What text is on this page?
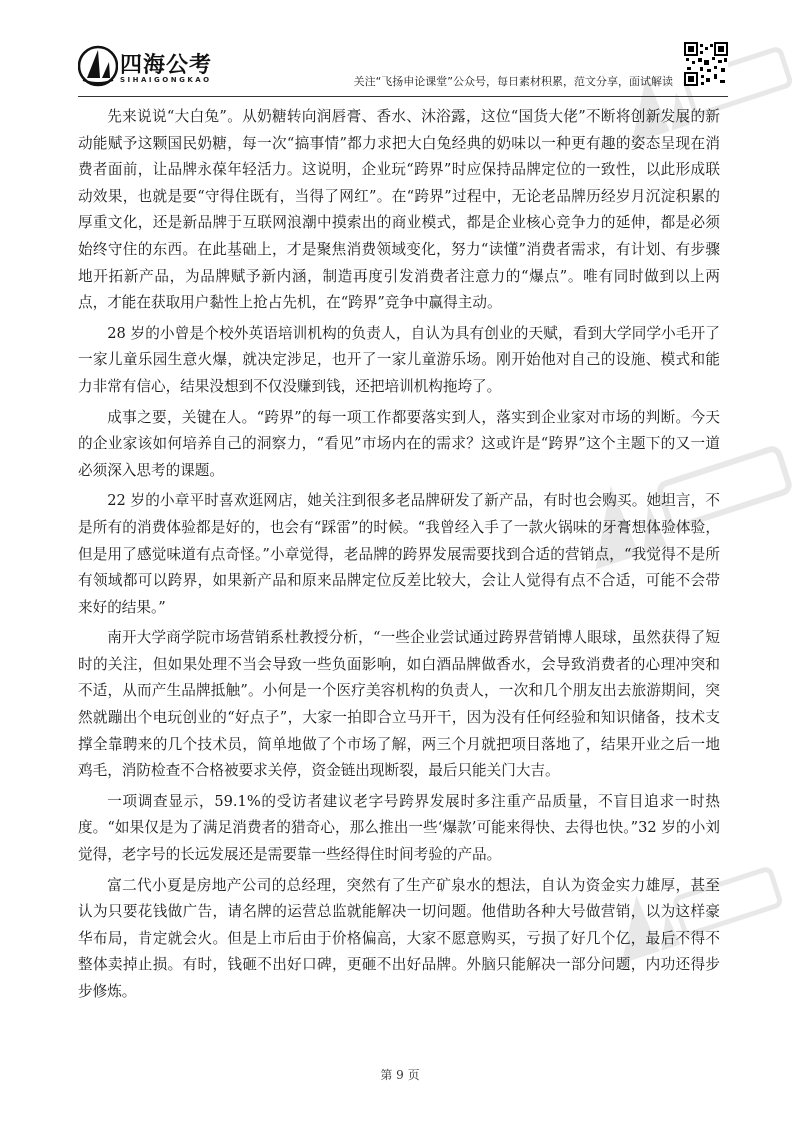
四海公考
SIHAIGONGKAO	关注“飞扬申论课堂”公众号，每日素材积累，范文分享，面试解读

先来说说“大白兔”。从奶糖转向润唇膏、香水、沐浴露，这位“国货大佬”不断将创新发展的新动能赋予这颗国民奶糖，每一次“搞事情”都力求把大白兔经典的奶味以一种更有趣的姿态呈现在消费者面前，让品牌永葆年轻活力。这说明，企业玩“跨界”时应保持品牌定位的一致性，以此形成联动效果，也就是要“守得住既有，当得了网红”。在“跨界”过程中，无论老品牌历经岁月沉淀积累的厚重文化，还是新品牌于互联网浪潮中摸索出的商业模式，都是企业核心竞争力的延伸，都是必须始终守住的东西。在此基础上，才是聚焦消费领域变化，努力“读懂”消费者需求，有计划、有步骤地开拓新产品，为品牌赋予新内涵，制造再度引发消费者注意力的“爆点”。唯有同时做到以上两点，才能在获取用户黏性上抢占先机，在“跨界”竞争中赢得主动。

28 岁的小曾是个校外英语培训机构的负责人，自认为具有创业的天赋，看到大学同学小毛开了一家儿童乐园生意火爆，就决定涉足，也开了一家儿童游乐场。刚开始他对自己的设施、模式和能力非常有信心，结果没想到不仅没赚到钱，还把培训机构拖垮了。

成事之要，关键在人。“跨界”的每一项工作都要落实到人，落实到企业家对市场的判断。今天的企业家该如何培养自己的洞察力，“看见”市场内在的需求？这或许是“跨界”这个主题下的又一道必须深入思考的课题。

22 岁的小章平时喜欢逛网店，她关注到很多老品牌研发了新产品，有时也会购买。她坦言，不是所有的消费体验都是好的，也会有“踩雷”的时候。“我曾经入手了一款火锅味的牙膏想体验体验，但是用了感觉味道有点奇怪。”小章觉得，老品牌的跨界发展需要找到合适的营销点，“我觉得不是所有领域都可以跨界，如果新产品和原来品牌定位反差比较大，会让人觉得有点不合适，可能不会带来好的结果。”

南开大学商学院市场营销系杜教授分析，“一些企业尝试通过跨界营销博人眼球，虽然获得了短时的关注，但如果处理不当会导致一些负面影响，如白酒品牌做香水，会导致消费者的心理冲突和不适，从而产生品牌抵触”。小何是一个医疗美容机构的负责人，一次和几个朋友出去旅游期间，突然就蹦出个电玩创业的“好点子”，大家一拍即合立马开干，因为没有任何经验和知识储备，技术支撑全靠聘来的几个技术员，简单地做了个市场了解，两三个月就把项目落地了，结果开业之后一地鸡毛，消防检查不合格被要求关停，资金链出现断裂，最后只能关门大吉。

一项调查显示，59.1%的受访者建议老字号跨界发展时多注重产品质量，不盲目追求一时热度。“如果仅是为了满足消费者的猎奇心，那么推出一些‘爆款’可能来得快、去得也快。”32 岁的小刘觉得，老字号的长远发展还是需要靠一些经得住时间考验的产品。

富二代小夏是房地产公司的总经理，突然有了生产矿泉水的想法，自认为资金实力雄厚，甚至认为只要花钱做广告，请名牌的运营总监就能解决一切问题。他借助各种大号做营销，以为这样豪华布局，肯定就会火。但是上市后由于价格偏高，大家不愿意购买，亏损了好几个亿，最后不得不整体卖掉止损。有时，钱砸不出好口碑，更砸不出好品牌。外脑只能解决一部分问题，内功还得步步修炼。

第 9 页
